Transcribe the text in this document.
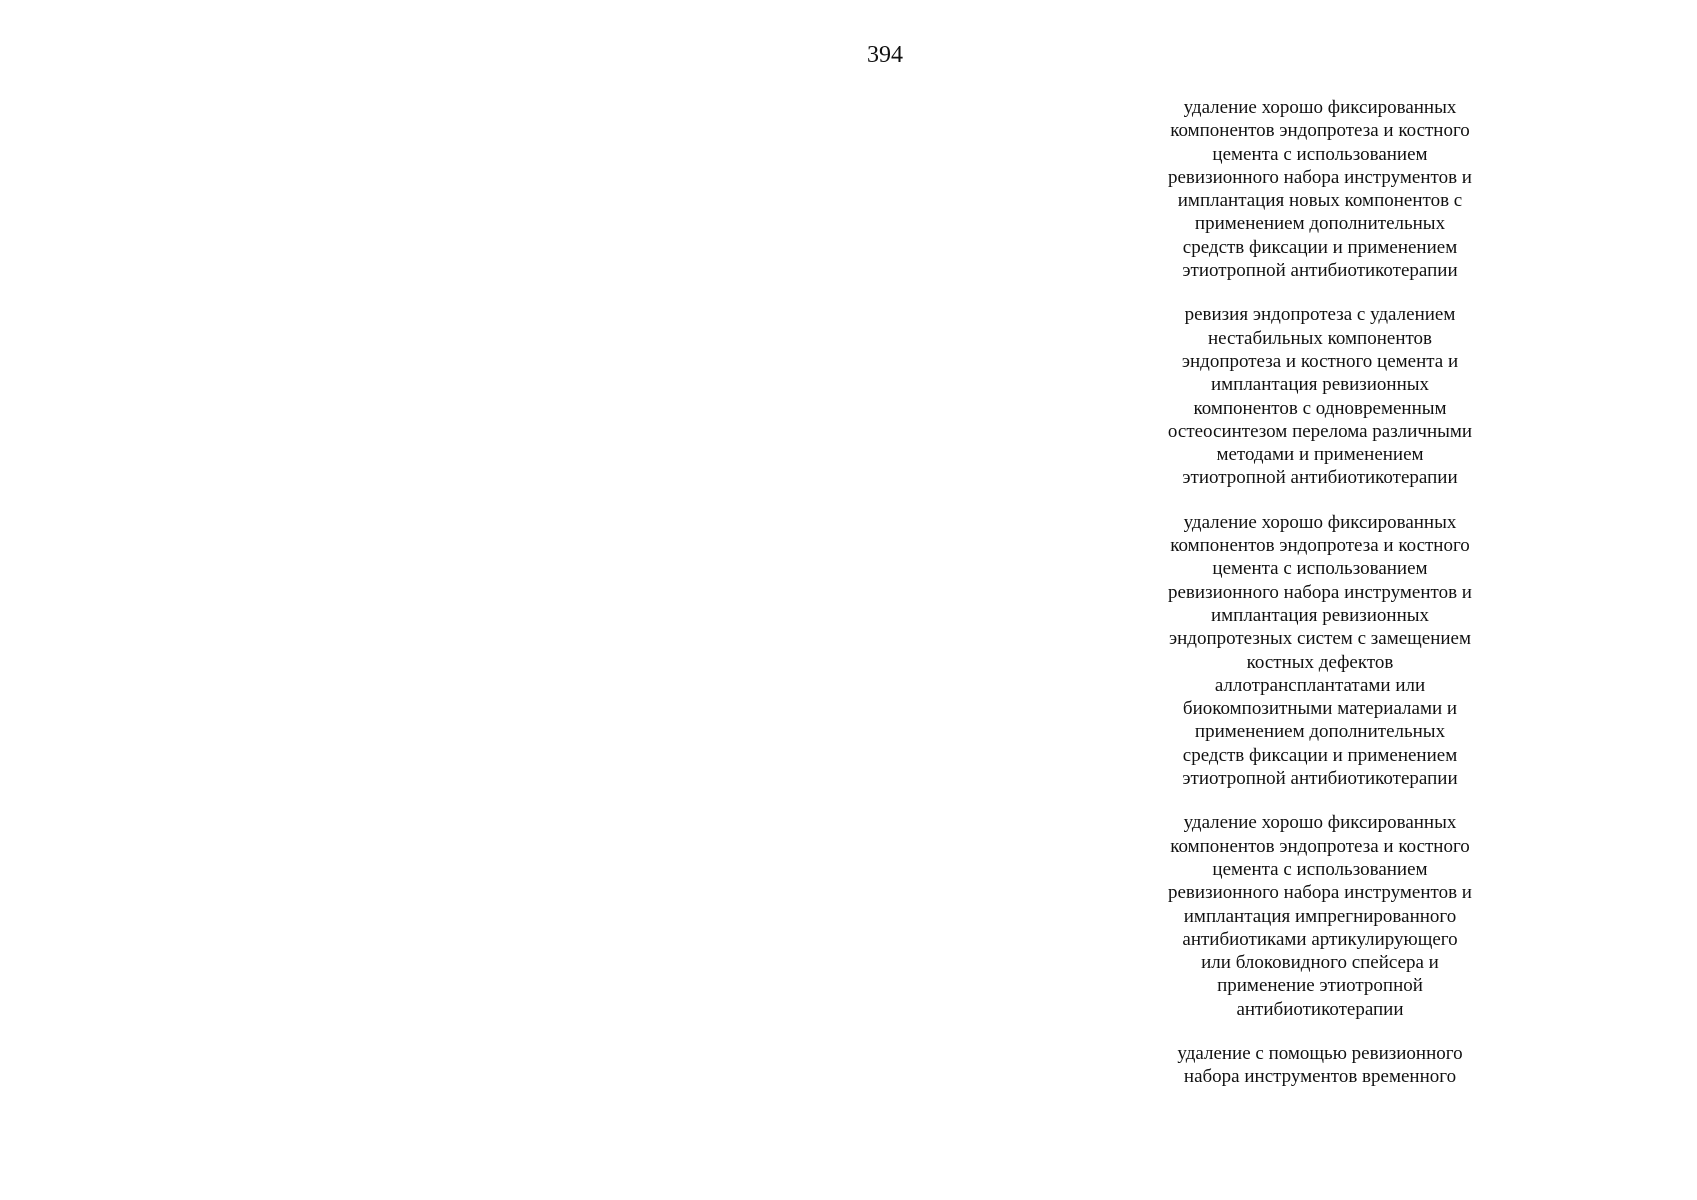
394
удаление хорошо фиксированных
компонентов эндопротеза и костного
цемента с использованием
ревизионного набора инструментов и
имплантация новых компонентов с
применением дополнительных
средств фиксации и применением
этиотропной антибиотикотерапии
ревизия эндопротеза с удалением
нестабильных компонентов
эндопротеза и костного цемента и
имплантация ревизионных
компонентов с одновременным
остеосинтезом перелома различными
методами и применением
этиотропной антибиотикотерапии
удаление хорошо фиксированных
компонентов эндопротеза и костного
цемента с использованием
ревизионного набора инструментов и
имплантация ревизионных
эндопротезных систем с замещением
костных дефектов
аллотрансплантатами или
биокомпозитными материалами и
применением дополнительных
средств фиксации и применением
этиотропной антибиотикотерапии
удаление хорошо фиксированных
компонентов эндопротеза и костного
цемента с использованием
ревизионного набора инструментов и
имплантация импрегнированного
антибиотиками артикулирующего
или блоковидного спейсера и
применение этиотропной
антибиотикотерапии
удаление с помощью ревизионного
набора инструментов временного
